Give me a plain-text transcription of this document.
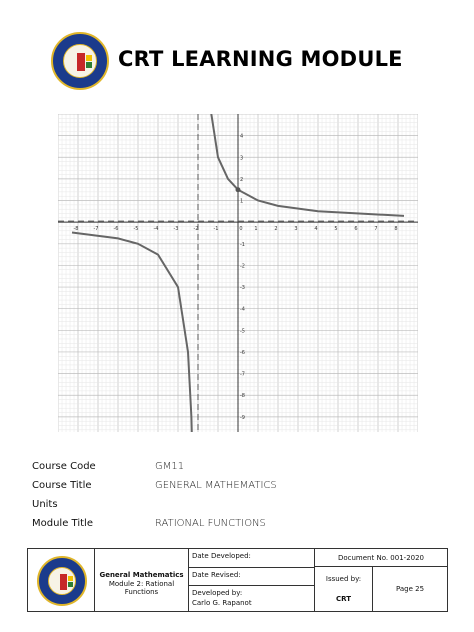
CRT LEARNING MODULE
-8	-7	-6	-5	-4	-3	-2	-1	0 1	2	3	4	5	6	7	8
-9
-8
-7
-6
-5
-4
-3
-2
-1
1
2
3
4
Course Code	GM11
Course Title	GENERAL MATHEMATICS
Units
Module Title	RATIONAL FUNCTIONS
General Mathematics
Module 2: Rational
Functions
Date Developed:
Date Revised:
Developed by:
Carlo G. Rapanot
Document No. 001-2020
Issued by:
CRT
Page 25
